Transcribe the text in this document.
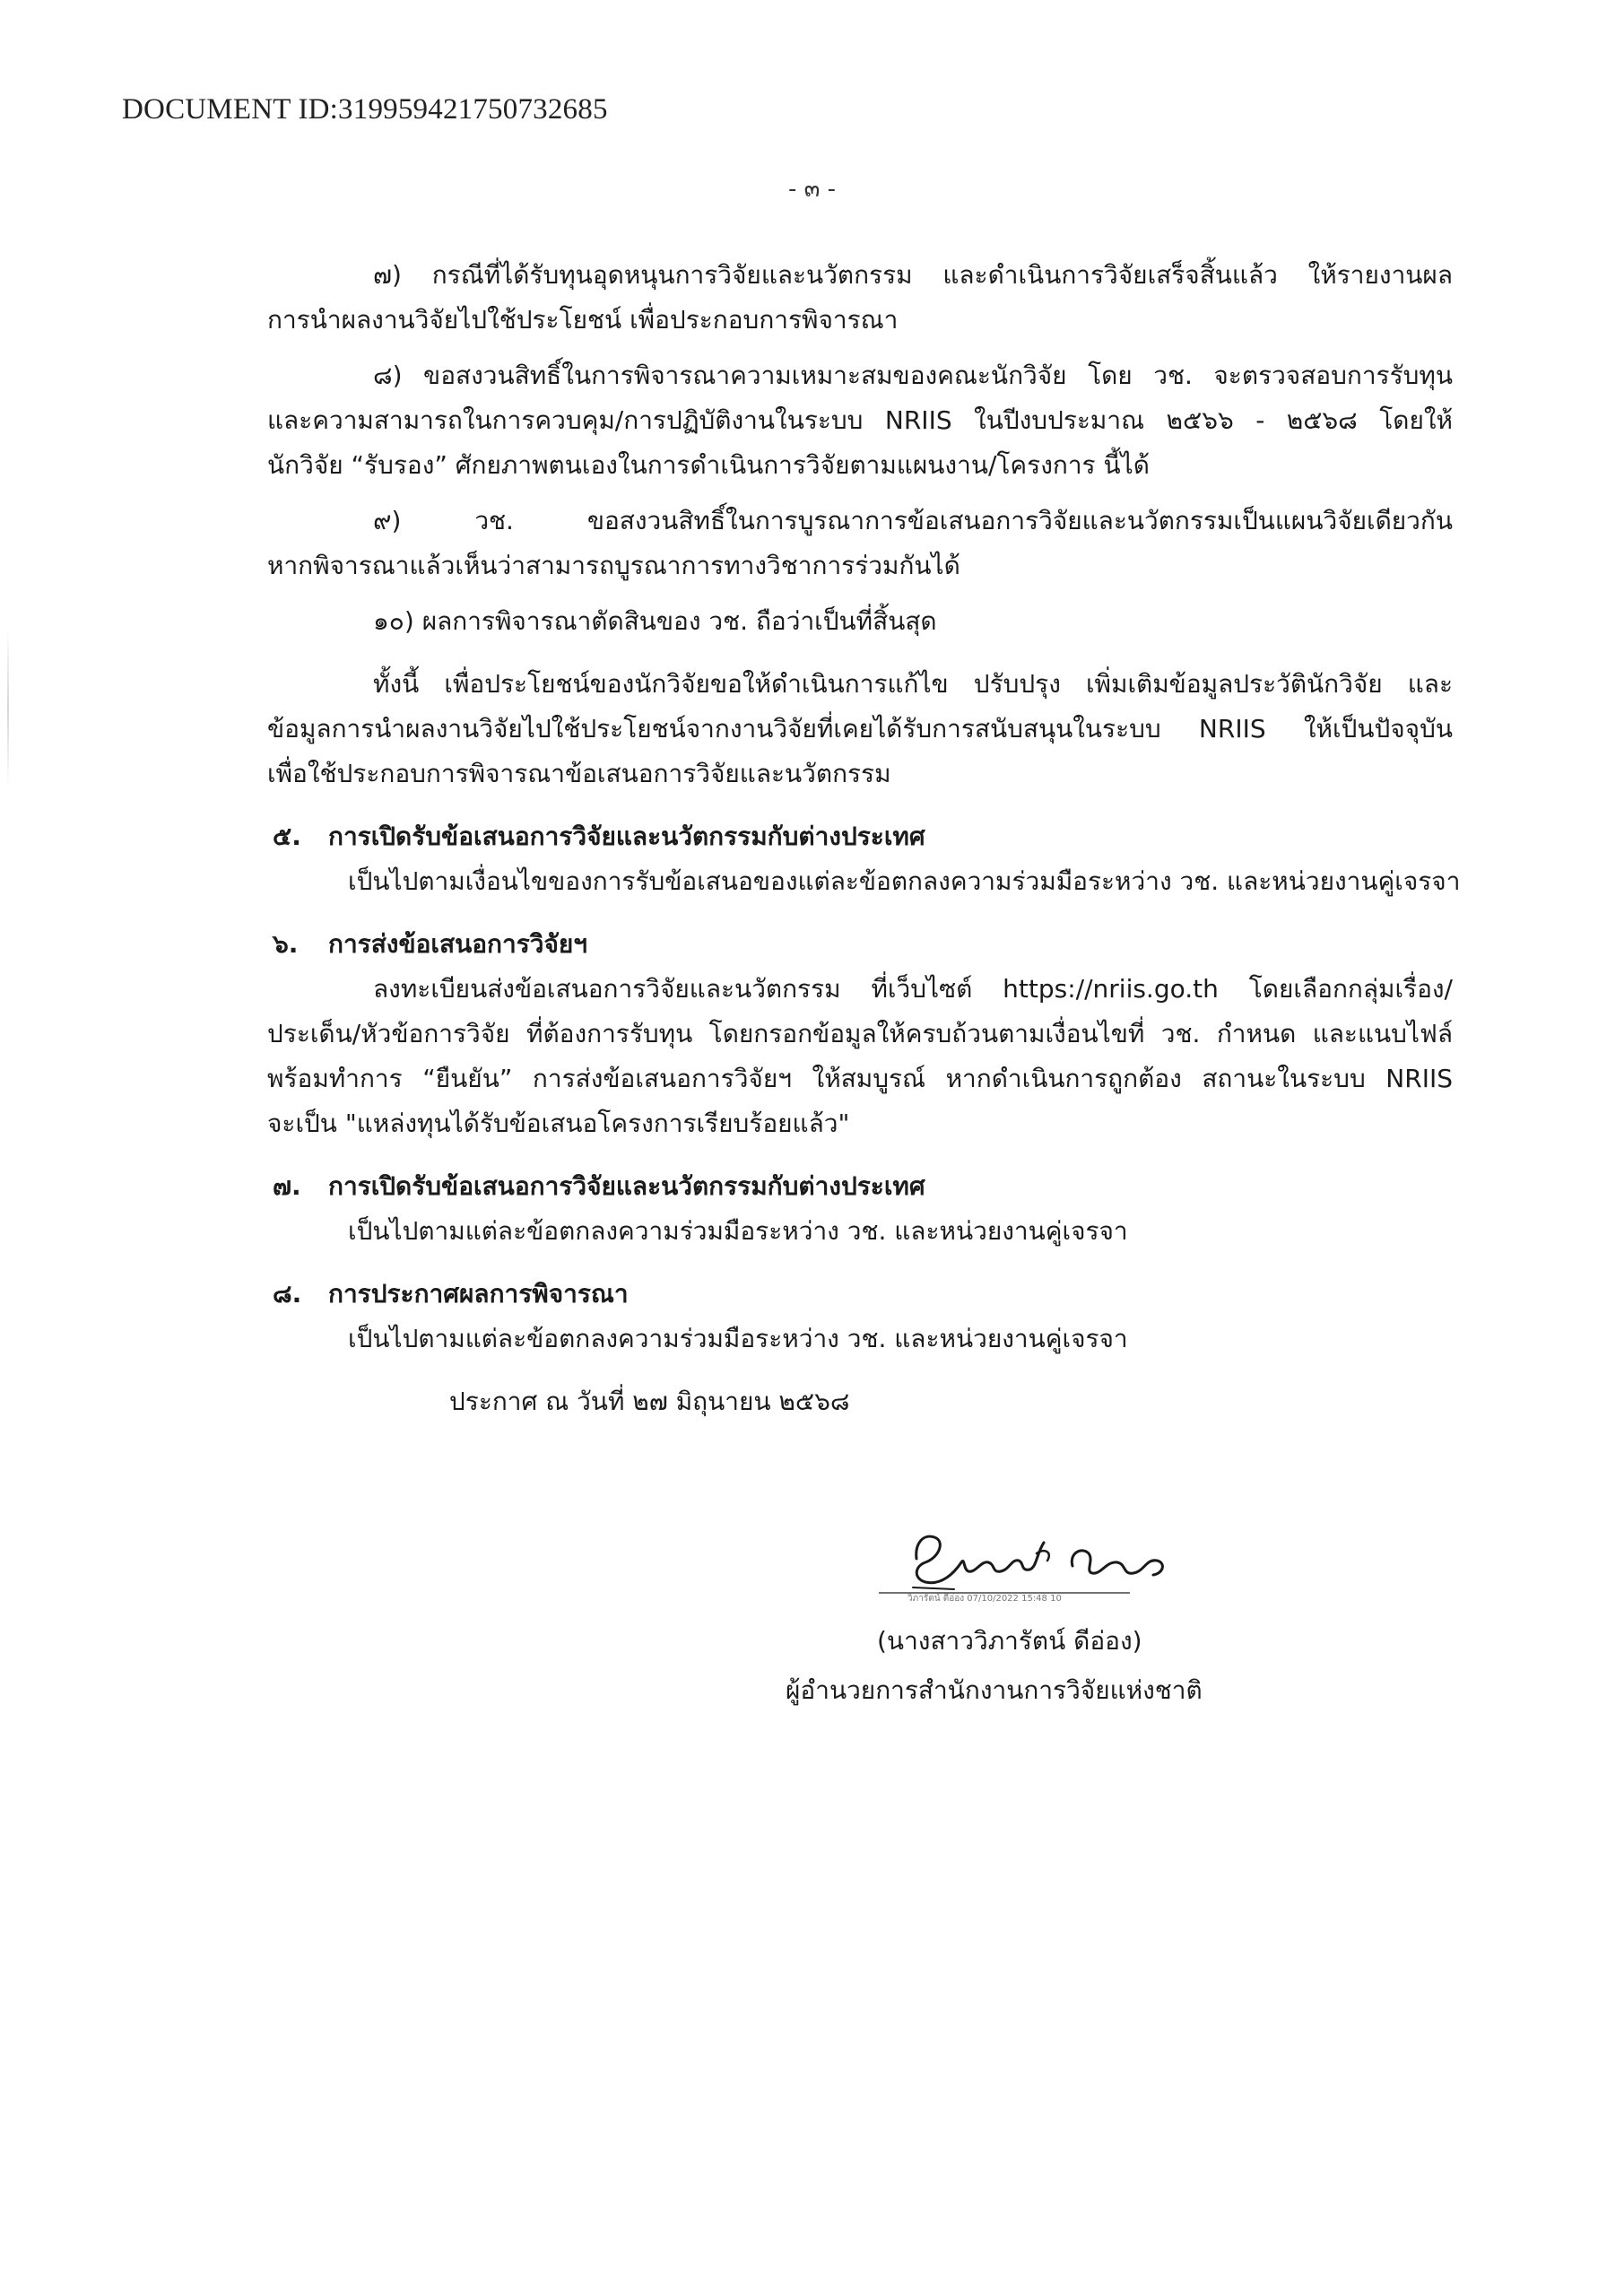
DOCUMENT ID:319959421750732685
- ๓ -

๗) กรณีที่ได้รับทุนอุดหนุนการวิจัยและนวัตกรรม และดำเนินการวิจัยเสร็จสิ้นแล้ว ให้รายงานผล

การนำผลงานวิจัยไปใช้ประโยชน์ เพื่อประกอบการพิจารณา

๘) ขอสงวนสิทธิ์ในการพิจารณาความเหมาะสมของคณะนักวิจัย โดย วช. จะตรวจสอบการรับทุน

และความสามารถในการควบคุม/การปฏิบัติงานในระบบ NRIIS ในปีงบประมาณ ๒๕๖๖ - ๒๕๖๘ โดยให้

นักวิจัย “รับรอง” ศักยภาพตนเองในการดำเนินการวิจัยตามแผนงาน/โครงการ นี้ได้

๙) วช. ขอสงวนสิทธิ์ในการบูรณาการข้อเสนอการวิจัยและนวัตกรรมเป็นแผนวิจัยเดียวกัน

หากพิจารณาแล้วเห็นว่าสามารถบูรณาการทางวิชาการร่วมกันได้

๑๐) ผลการพิจารณาตัดสินของ วช. ถือว่าเป็นที่สิ้นสุด

ทั้งนี้ เพื่อประโยชน์ของนักวิจัยขอให้ดำเนินการแก้ไข ปรับปรุง เพิ่มเติมข้อมูลประวัตินักวิจัย และ

ข้อมูลการนำผลงานวิจัยไปใช้ประโยชน์จากงานวิจัยที่เคยได้รับการสนับสนุนในระบบ NRIIS ให้เป็นปัจจุบัน

เพื่อใช้ประกอบการพิจารณาข้อเสนอการวิจัยและนวัตกรรม

๕. การเปิดรับข้อเสนอการวิจัยและนวัตกรรมกับต่างประเทศ

เป็นไปตามเงื่อนไขของการรับข้อเสนอของแต่ละข้อตกลงความร่วมมือระหว่าง วช. และหน่วยงานคู่เจรจา

๖. การส่งข้อเสนอการวิจัยฯ

ลงทะเบียนส่งข้อเสนอการวิจัยและนวัตกรรม ที่เว็บไซต์ https://nriis.go.th โดยเลือกกลุ่มเรื่อง/

ประเด็น/หัวข้อการวิจัย ที่ต้องการรับทุน โดยกรอกข้อมูลให้ครบถ้วนตามเงื่อนไขที่ วช. กำหนด และแนบไฟล์

พร้อมทำการ “ยืนยัน” การส่งข้อเสนอการวิจัยฯ ให้สมบูรณ์ หากดำเนินการถูกต้อง สถานะในระบบ NRIIS

จะเป็น "แหล่งทุนได้รับข้อเสนอโครงการเรียบร้อยแล้ว"

๗. การเปิดรับข้อเสนอการวิจัยและนวัตกรรมกับต่างประเทศ

เป็นไปตามแต่ละข้อตกลงความร่วมมือระหว่าง วช. และหน่วยงานคู่เจรจา

๘. การประกาศผลการพิจารณา

เป็นไปตามแต่ละข้อตกลงความร่วมมือระหว่าง วช. และหน่วยงานคู่เจรจา

ประกาศ ณ วันที่ ๒๗ มิถุนายน ๒๕๖๘

วิภารัตน์ ดีอ่อง 07/10/2022 15:48 10
(นางสาววิภารัตน์ ดีอ่อง)
ผู้อำนวยการสำนักงานการวิจัยแห่งชาติ
